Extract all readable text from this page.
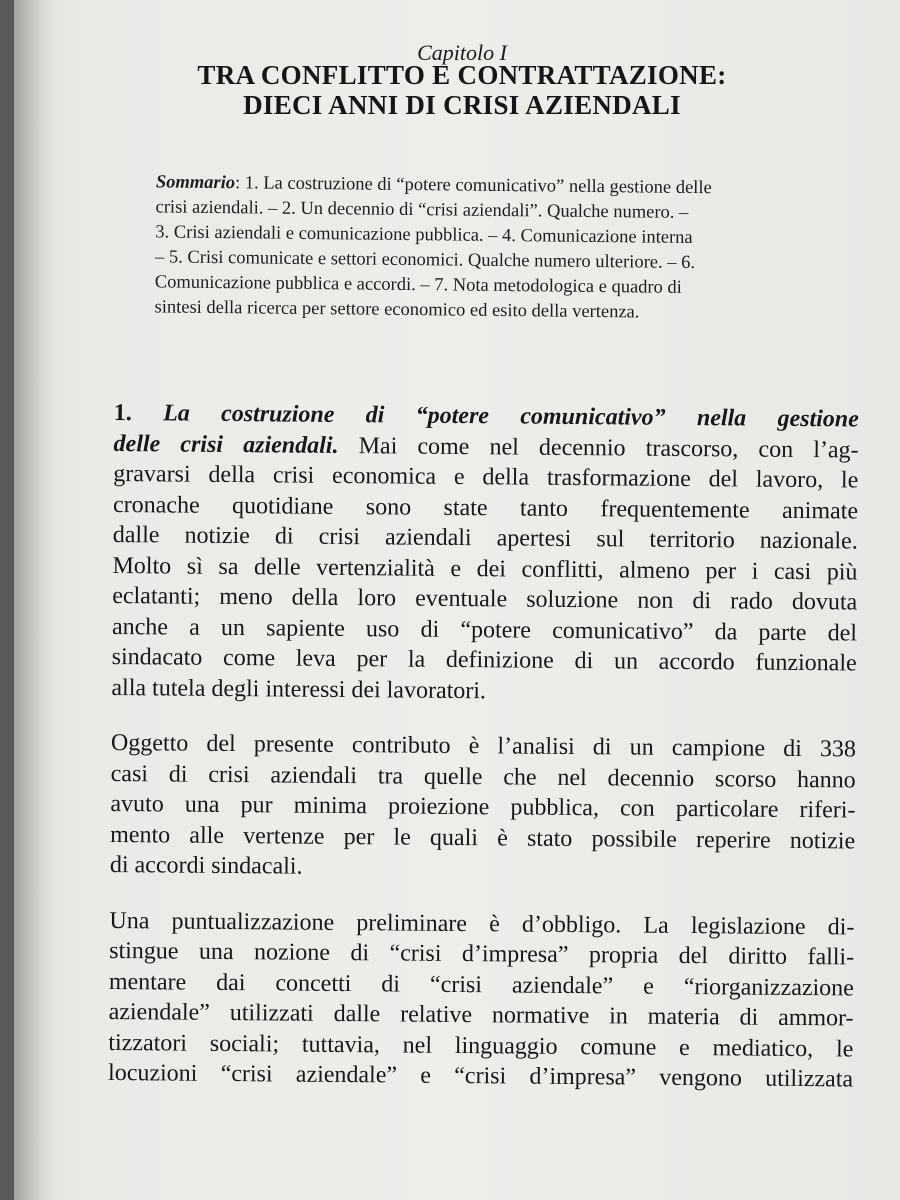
Capitolo I
TRA CONFLITTO E CONTRATTAZIONE:
DIECI ANNI DI CRISI AZIENDALI
Sommario: 1. La costruzione di “potere comunicativo” nella gestione delle
crisi aziendali. – 2. Un decennio di “crisi aziendali”. Qualche numero. –
3. Crisi aziendali e comunicazione pubblica. – 4. Comunicazione interna
– 5. Crisi comunicate e settori economici. Qualche numero ulteriore. – 6.
Comunicazione pubblica e accordi. – 7. Nota metodologica e quadro di
sintesi della ricerca per settore economico ed esito della vertenza.
1. La costruzione di “potere comunicativo” nella gestione
delle crisi aziendali. Mai come nel decennio trascorso, con l’ag-
gravarsi della crisi economica e della trasformazione del lavoro, le
cronache quotidiane sono state tanto frequentemente animate
dalle notizie di crisi aziendali apertesi sul territorio nazionale.
Molto sì sa delle vertenzialità e dei conflitti, almeno per i casi più
eclatanti; meno della loro eventuale soluzione non di rado dovuta
anche a un sapiente uso di “potere comunicativo” da parte del
sindacato come leva per la definizione di un accordo funzionale
alla tutela degli interessi dei lavoratori.
Oggetto del presente contributo è l’analisi di un campione di 338
casi di crisi aziendali tra quelle che nel decennio scorso hanno
avuto una pur minima proiezione pubblica, con particolare riferi-
mento alle vertenze per le quali è stato possibile reperire notizie
di accordi sindacali.
Una puntualizzazione preliminare è d’obbligo. La legislazione di-
stingue una nozione di “crisi d’impresa” propria del diritto falli-
mentare dai concetti di “crisi aziendale” e “riorganizzazione
aziendale” utilizzati dalle relative normative in materia di ammor-
tizzatori sociali; tuttavia, nel linguaggio comune e mediatico, le
locuzioni “crisi aziendale” e “crisi d’impresa” vengono utilizzata
